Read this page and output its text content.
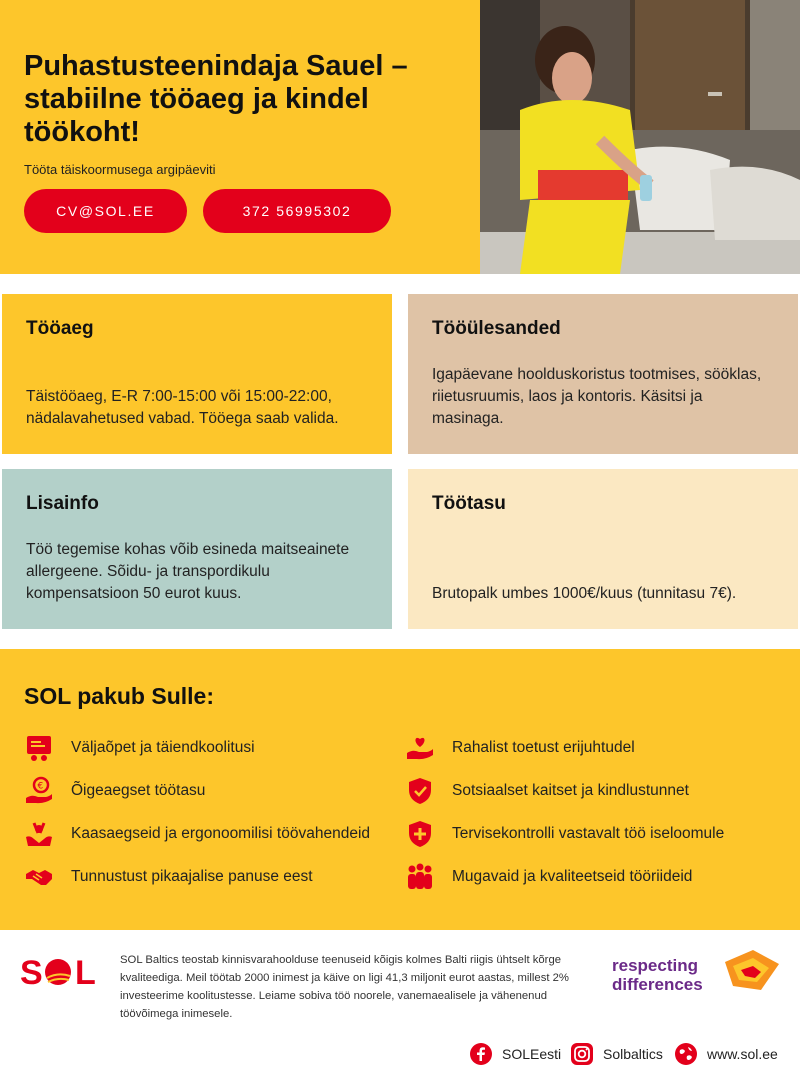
Puhastusteenindaja Sauel – stabiilne tööaeg ja kindel töökoht!
Tööta täiskoormusega argipäeviti
CV@SOL.EE	372 56995302
Tööaeg

Täistööaeg, E-R 7:00-15:00 või 15:00-22:00, nädalavahetused vabad. Tööega saab valida.

Tööülesanded

Igapäevane hoolduskoristus tootmises, sööklas, riietusruumis, laos ja kontoris. Käsitsi ja masinaga.

Lisainfo

Töö tegemise kohas võib esineda maitseainete allergeene. Sõidu- ja transpordikulu kompensatsioon 50 eurot kuus.

Töötasu

Brutopalk umbes 1000€/kuus (tunnitasu 7€).

SOL pakub Sulle:
Väljaõpet ja täiendkoolitusi
€ Õigeaegset töötasu
Kaasaegseid ja ergonoomilisi töövahendeid
Tunnustust pikaajalise panuse eest
Rahalist toetust erijuhtudel
Sotsiaalset kaitset ja kindlustunnet
Tervisekontrolli vastavalt töö iseloomule
Mugavaid ja kvaliteetseid tööriideid
S L SOL Baltics teostab kinnisvarahoolduse teenuseid kõigis kolmes Balti riigis ühtselt kõrge kvaliteediga. Meil töötab 2000 inimest ja käive on ligi 41,3 miljonit eurot aastas, millest 2% investeerime koolitustesse. Leiame sobiva töö noorele, vanemaealisele ja vähenenud töövõimega inimesele.

respecting
differences
SOLEesti	Solbaltics	www.sol.ee
